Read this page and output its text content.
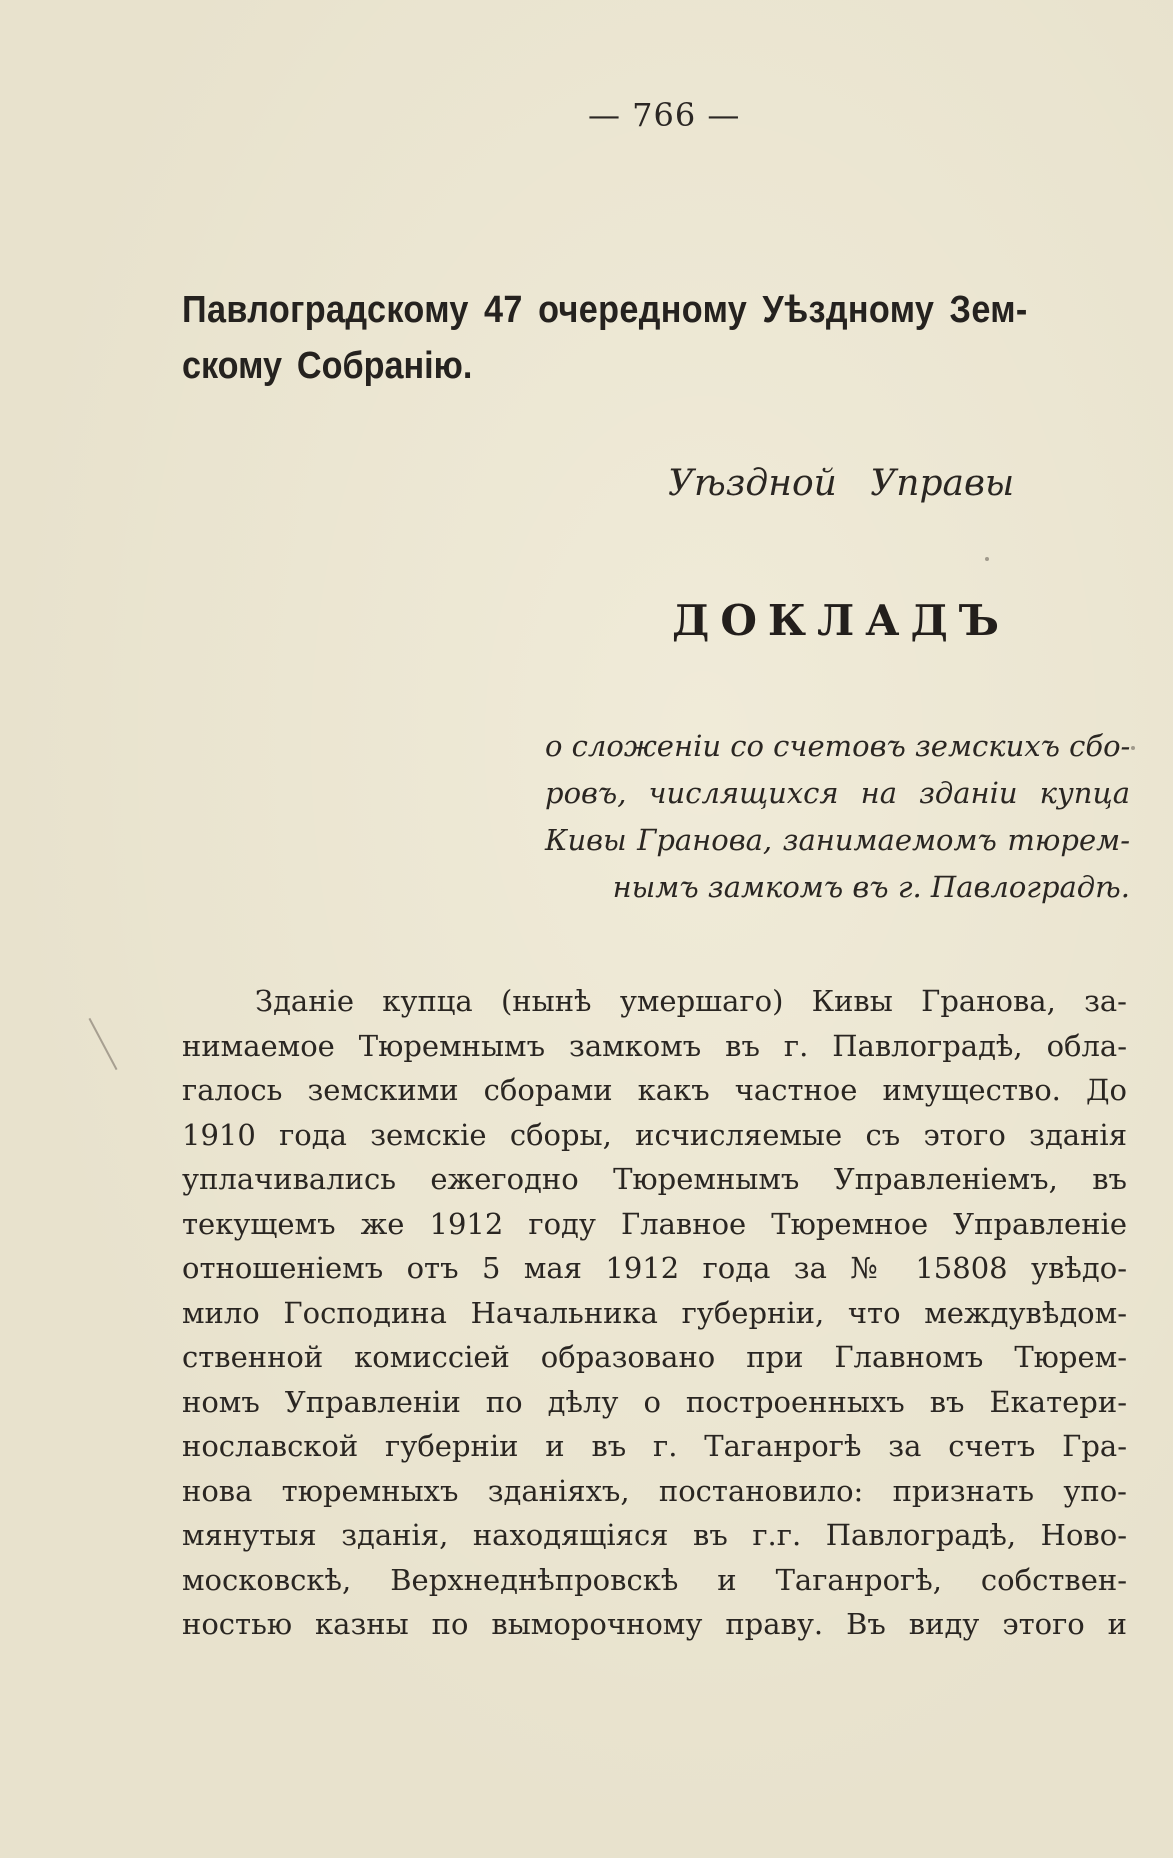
— 766 —
Павлоградскому 47 очередному Уѣздному Зем-
скому Собранію.
Уѣздной Управы
ДОКЛАДЪ
о сложеніи со счетовъ земскихъ сбо-
ровъ, числящихся на зданіи купца
Кивы Гранова, занимаемомъ тюрем-
нымъ замкомъ въ г. Павлоградѣ.
Зданіе купца (нынѣ умершаго) Кивы Гранова, за-
нимаемое Тюремнымъ замкомъ въ г. Павлоградѣ, обла-
галось земскими сборами какъ частное имущество. До
1910 года земскіе сборы, исчисляемые съ этого зданія
уплачивались ежегодно Тюремнымъ Управленіемъ, въ
текущемъ же 1912 году Главное Тюремное Управленіе
отношеніемъ отъ 5 мая 1912 года за № 15808 увѣдо-
мило Господина Начальника губерніи, что междувѣдом-
ственной комиссіей образовано при Главномъ Тюрем-
номъ Управленіи по дѣлу о построенныхъ въ Екатери-
нославской губерніи и въ г. Таганрогѣ за счетъ Гра-
нова тюремныхъ зданіяхъ, постановило: признать упо-
мянутыя зданія, находящіяся въ г.г. Павлоградѣ, Ново-
московскѣ, Верхнеднѣпровскѣ и Таганрогѣ, собствен-
ностью казны по выморочному праву. Въ виду этого и
